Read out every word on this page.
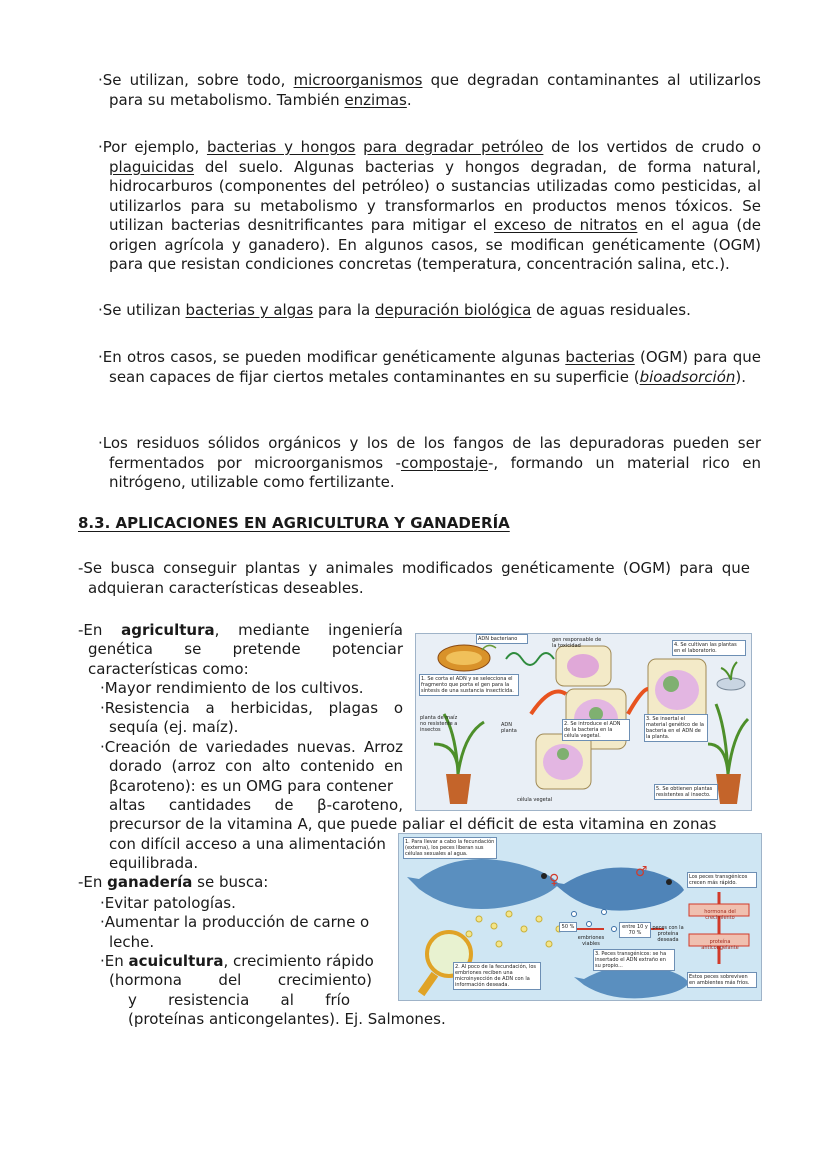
·Se utilizan, sobre todo, microorganismos que degradan contaminantes al utilizarlos para su metabolismo. También enzimas.
·Por ejemplo, bacterias y hongos para degradar petróleo de los vertidos de crudo o plaguicidas del suelo. Algunas bacterias y hongos degradan, de forma natural, hidrocarburos (componentes del petróleo) o sustancias utilizadas como pesticidas, al utilizarlos para su metabolismo y transformarlos en productos menos tóxicos. Se utilizan bacterias desnitrificantes para mitigar el exceso de nitratos en el agua (de origen agrícola y ganadero). En algunos casos, se modifican genéticamente (OGM) para que resistan condiciones concretas (temperatura, concentración salina, etc.).
·Se utilizan bacterias y algas para la depuración biológica de aguas residuales.
·En otros casos, se pueden modificar genéticamente algunas bacterias (OGM) para que sean capaces de fijar ciertos metales contaminantes en su superficie (bioadsorción).
·Los residuos sólidos orgánicos y los de los fangos de las depuradoras pueden ser fermentados por microorganismos -compostaje-, formando un material rico en nitrógeno, utilizable como fertilizante.
8.3. APLICACIONES EN AGRICULTURA Y GANADERÍA
-Se busca conseguir plantas y animales modificados genéticamente (OGM) para que adquieran características deseables.
-En agricultura, mediante ingeniería
genética se pretende potenciar
características como:
·Mayor rendimiento de los cultivos.
·Resistencia a herbicidas, plagas o
sequía (ej. maíz).
·Creación de variedades nuevas. Arroz
dorado (arroz con alto contenido en
βcaroteno): es un OMG para contener
altas cantidades de β-caroteno,
precursor de la vitamina A, que puede paliar el déficit de esta vitamina en zonas
con difícil acceso a una alimentación
equilibrada.
-En ganadería se busca:
·Evitar patologías.
·Aumentar la producción de carne o
leche.
·En acuicultura, crecimiento rápido
(hormona del crecimiento)
y resistencia al frío
(proteínas anticongelantes). Ej. Salmones.
ADN bacteriano	gen responsable de la toxicidad
1. Se corta el ADN y se selecciona el fragmento que porta el gen para la síntesis de una sustancia insecticida.
planta de maíz no resistente a insectos
ADN planta
2. Se introduce el ADN de la bacteria en la célula vegetal.
3. Se insertal el material genético de la bacteria en el ADN de la planta.
4. Se cultivan las plantas en el laboratorio.
5. Se obtienen plantas resistentes al insecto.
célula vegetal
1. Para llevar a cabo la fecundación (externa), los peces liberan sus células sexuales al agua.
2. Al poco de la fecundación, los embriones reciben una microinyección de ADN con la información deseada.
3. Peces transgénicos: se ha insertado el ADN extraño en su propio...
Los peces transgénicos crecen más rápido.
hormona del crecimiento
proteína anticongelante
Estos peces sobreviven en ambientes más fríos.
50 %
embriones viables
entre 10 y 70 %
peces con la proteína deseada
♀	♂
